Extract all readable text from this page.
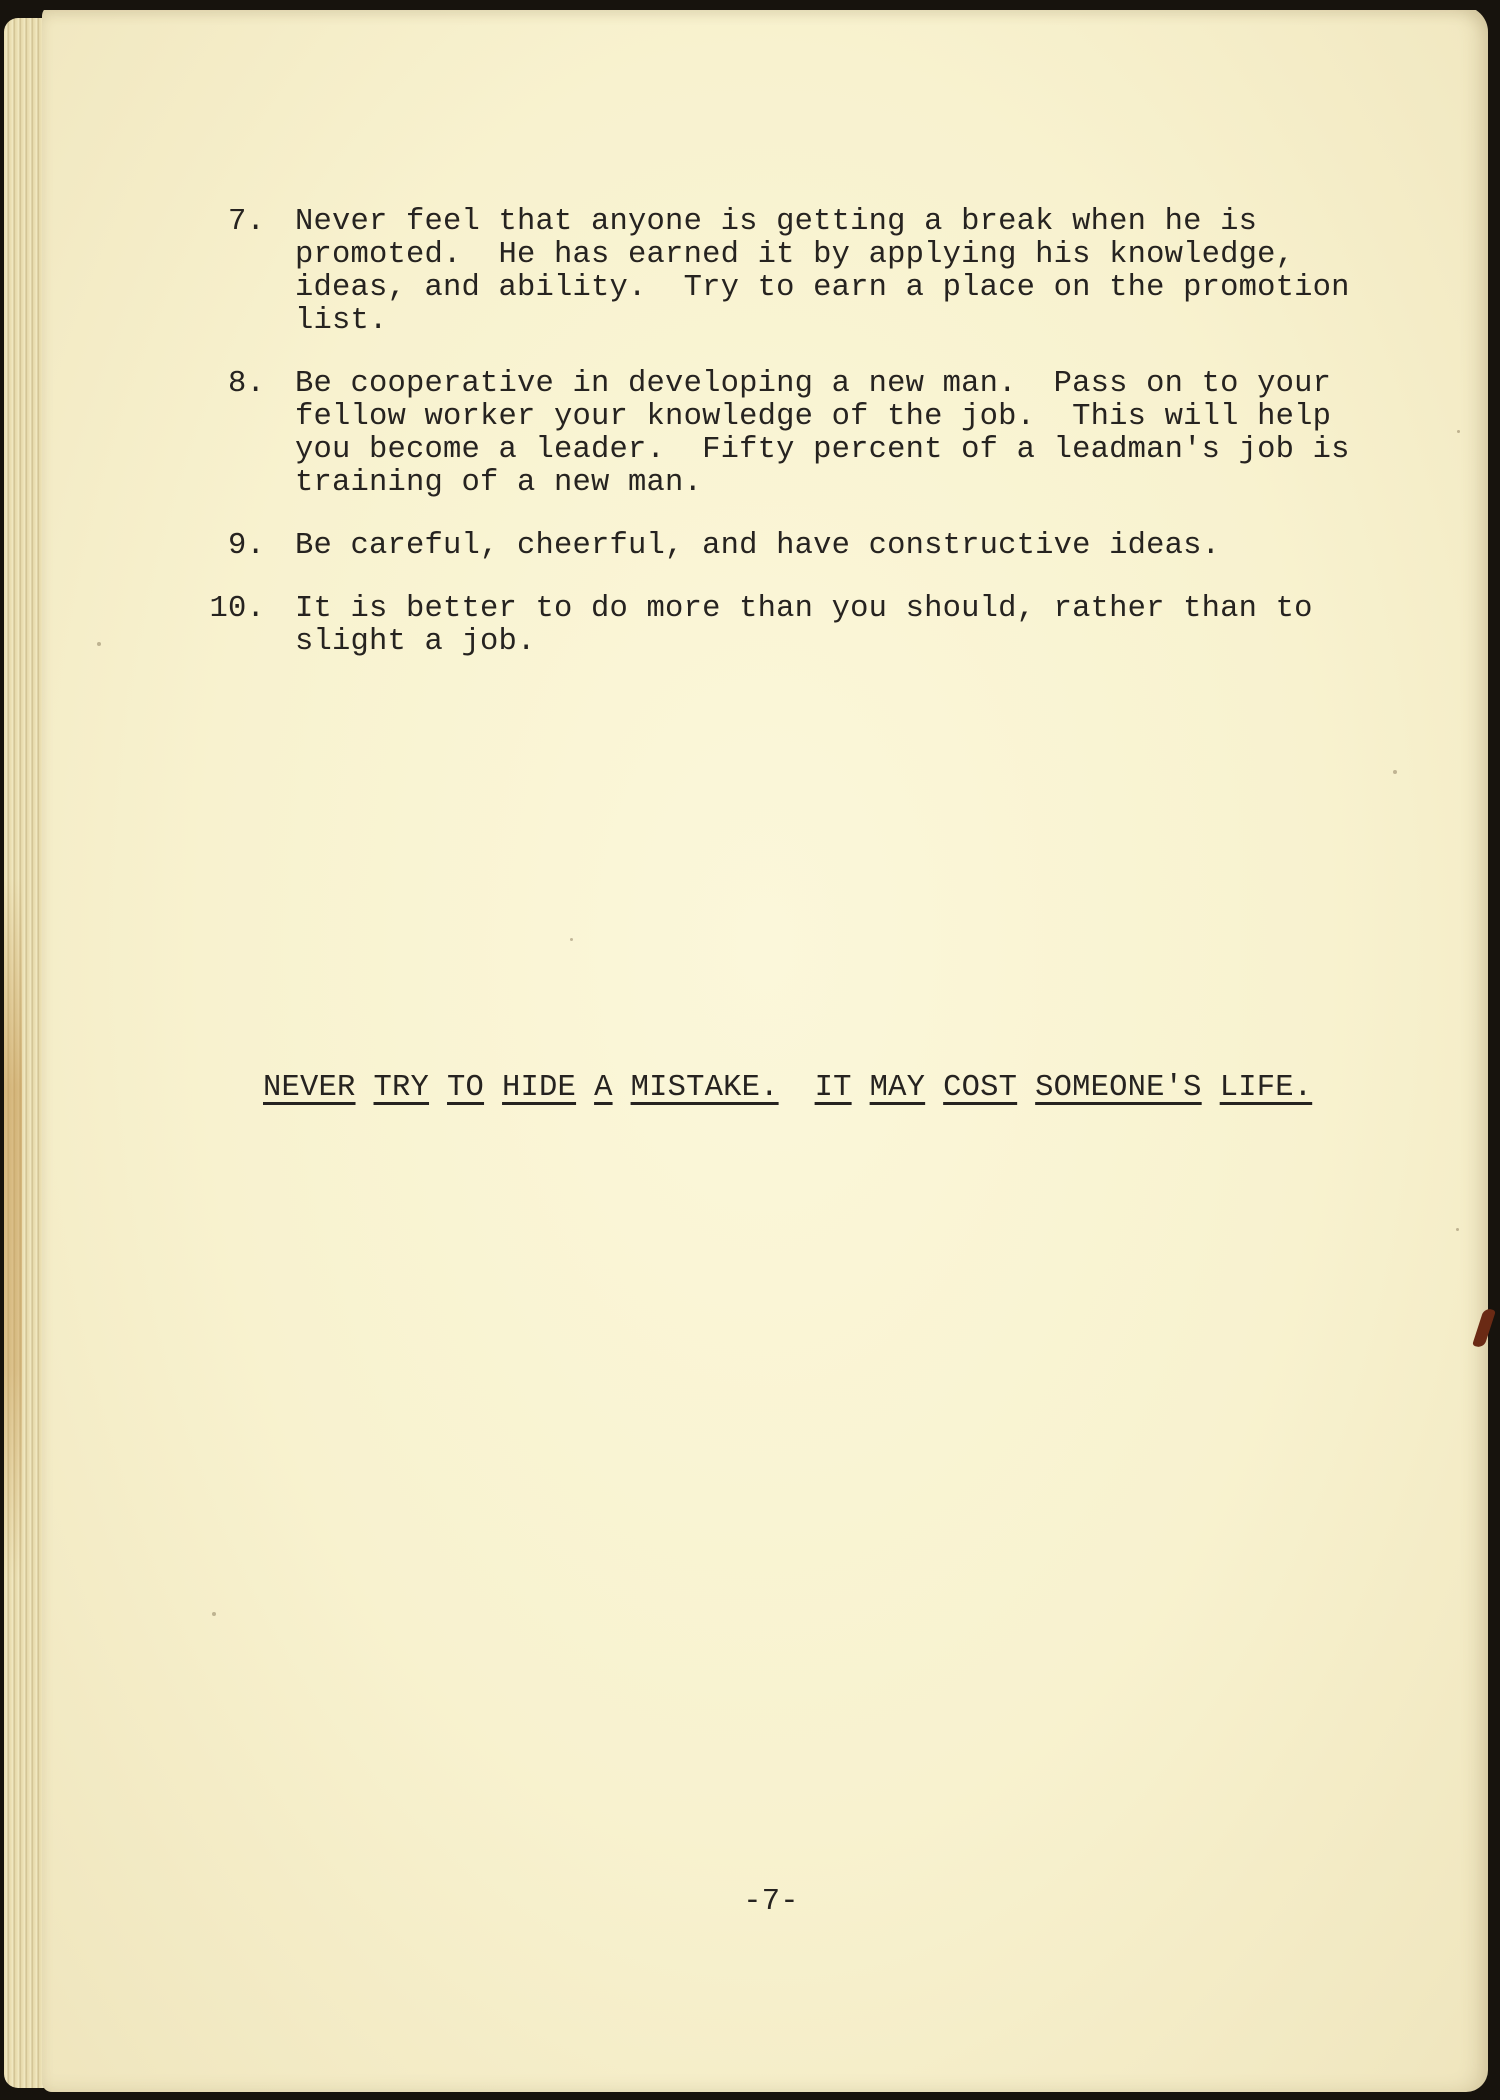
7. Never feel that anyone is getting a break when he is
promoted.  He has earned it by applying his knowledge,
ideas, and ability.  Try to earn a place on the promotion
list.

8. Be cooperative in developing a new man.  Pass on to your
fellow worker your knowledge of the job.  This will help
you become a leader.  Fifty percent of a leadman's job is
training of a new man.

9. Be careful, cheerful, and have constructive ideas.

10. It is better to do more than you should, rather than to
slight a job.

NEVER TRY TO HIDE A MISTAKE. IT MAY COST SOMEONE'S LIFE.

-7-
